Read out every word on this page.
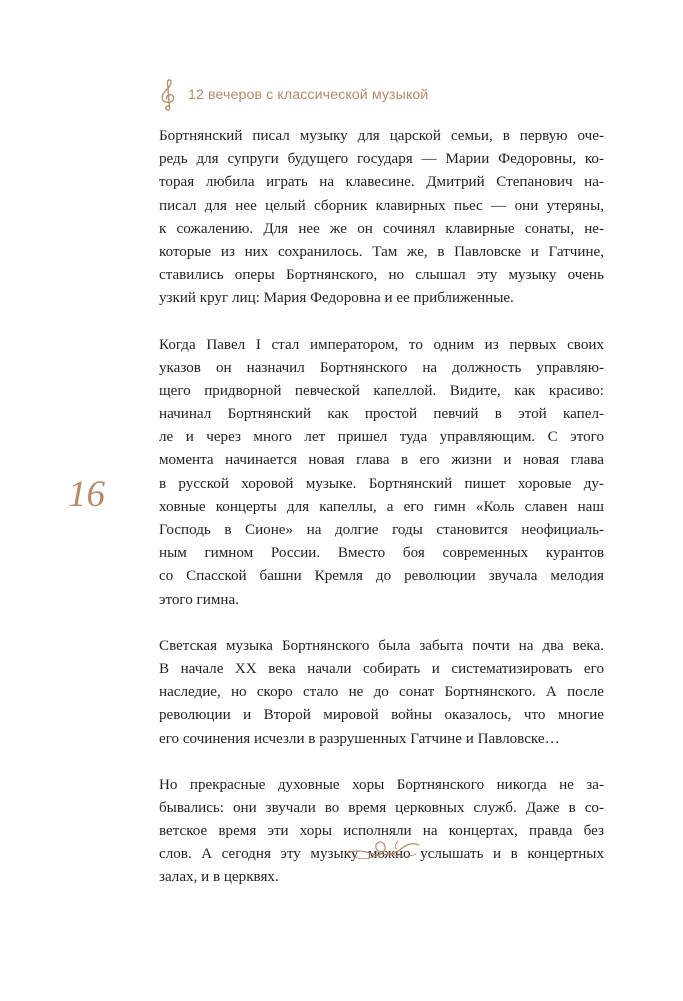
12 вечеров с классической музыкой
16
Бортнянский писал музыку для царской семьи, в первую оче-
редь для супруги будущего государя — Марии Федоровны, ко-
торая любила играть на клавесине. Дмитрий Степанович на-
писал для нее целый сборник клавирных пьес — они утеряны,
к сожалению. Для нее же он сочинял клавирные сонаты, не-
которые из них сохранилось. Там же, в Павловске и Гатчине,
ставились оперы Бортнянского, но слышал эту музыку очень
узкий круг лиц: Мария Федоровна и ее приближенные.
Когда Павел I стал императором, то одним из первых своих
указов он назначил Бортнянского на должность управляю-
щего придворной певческой капеллой. Видите, как красиво:
начинал Бортнянский как простой певчий в этой капел-
ле и через много лет пришел туда управляющим. С этого
момента начинается новая глава в его жизни и новая глава
в русской хоровой музыке. Бортнянский пишет хоровые ду-
ховные концерты для капеллы, а его гимн «Коль славен наш
Господь в Сионе» на долгие годы становится неофициаль-
ным гимном России. Вместо боя современных курантов
со Спасской башни Кремля до революции звучала мелодия
этого гимна.
Светская музыка Бортнянского была забыта почти на два века.
В начале XX века начали собирать и систематизировать его
наследие, но скоро стало не до сонат Бортнянского. А после
революции и Второй мировой войны оказалось, что многие
его сочинения исчезли в разрушенных Гатчине и Павловске…
Но прекрасные духовные хоры Бортнянского никогда не за-
бывались: они звучали во время церковных служб. Даже в со-
ветское время эти хоры исполняли на концертах, правда без
слов. А сегодня эту музыку можно услышать и в концертных
залах, и в церквях.
